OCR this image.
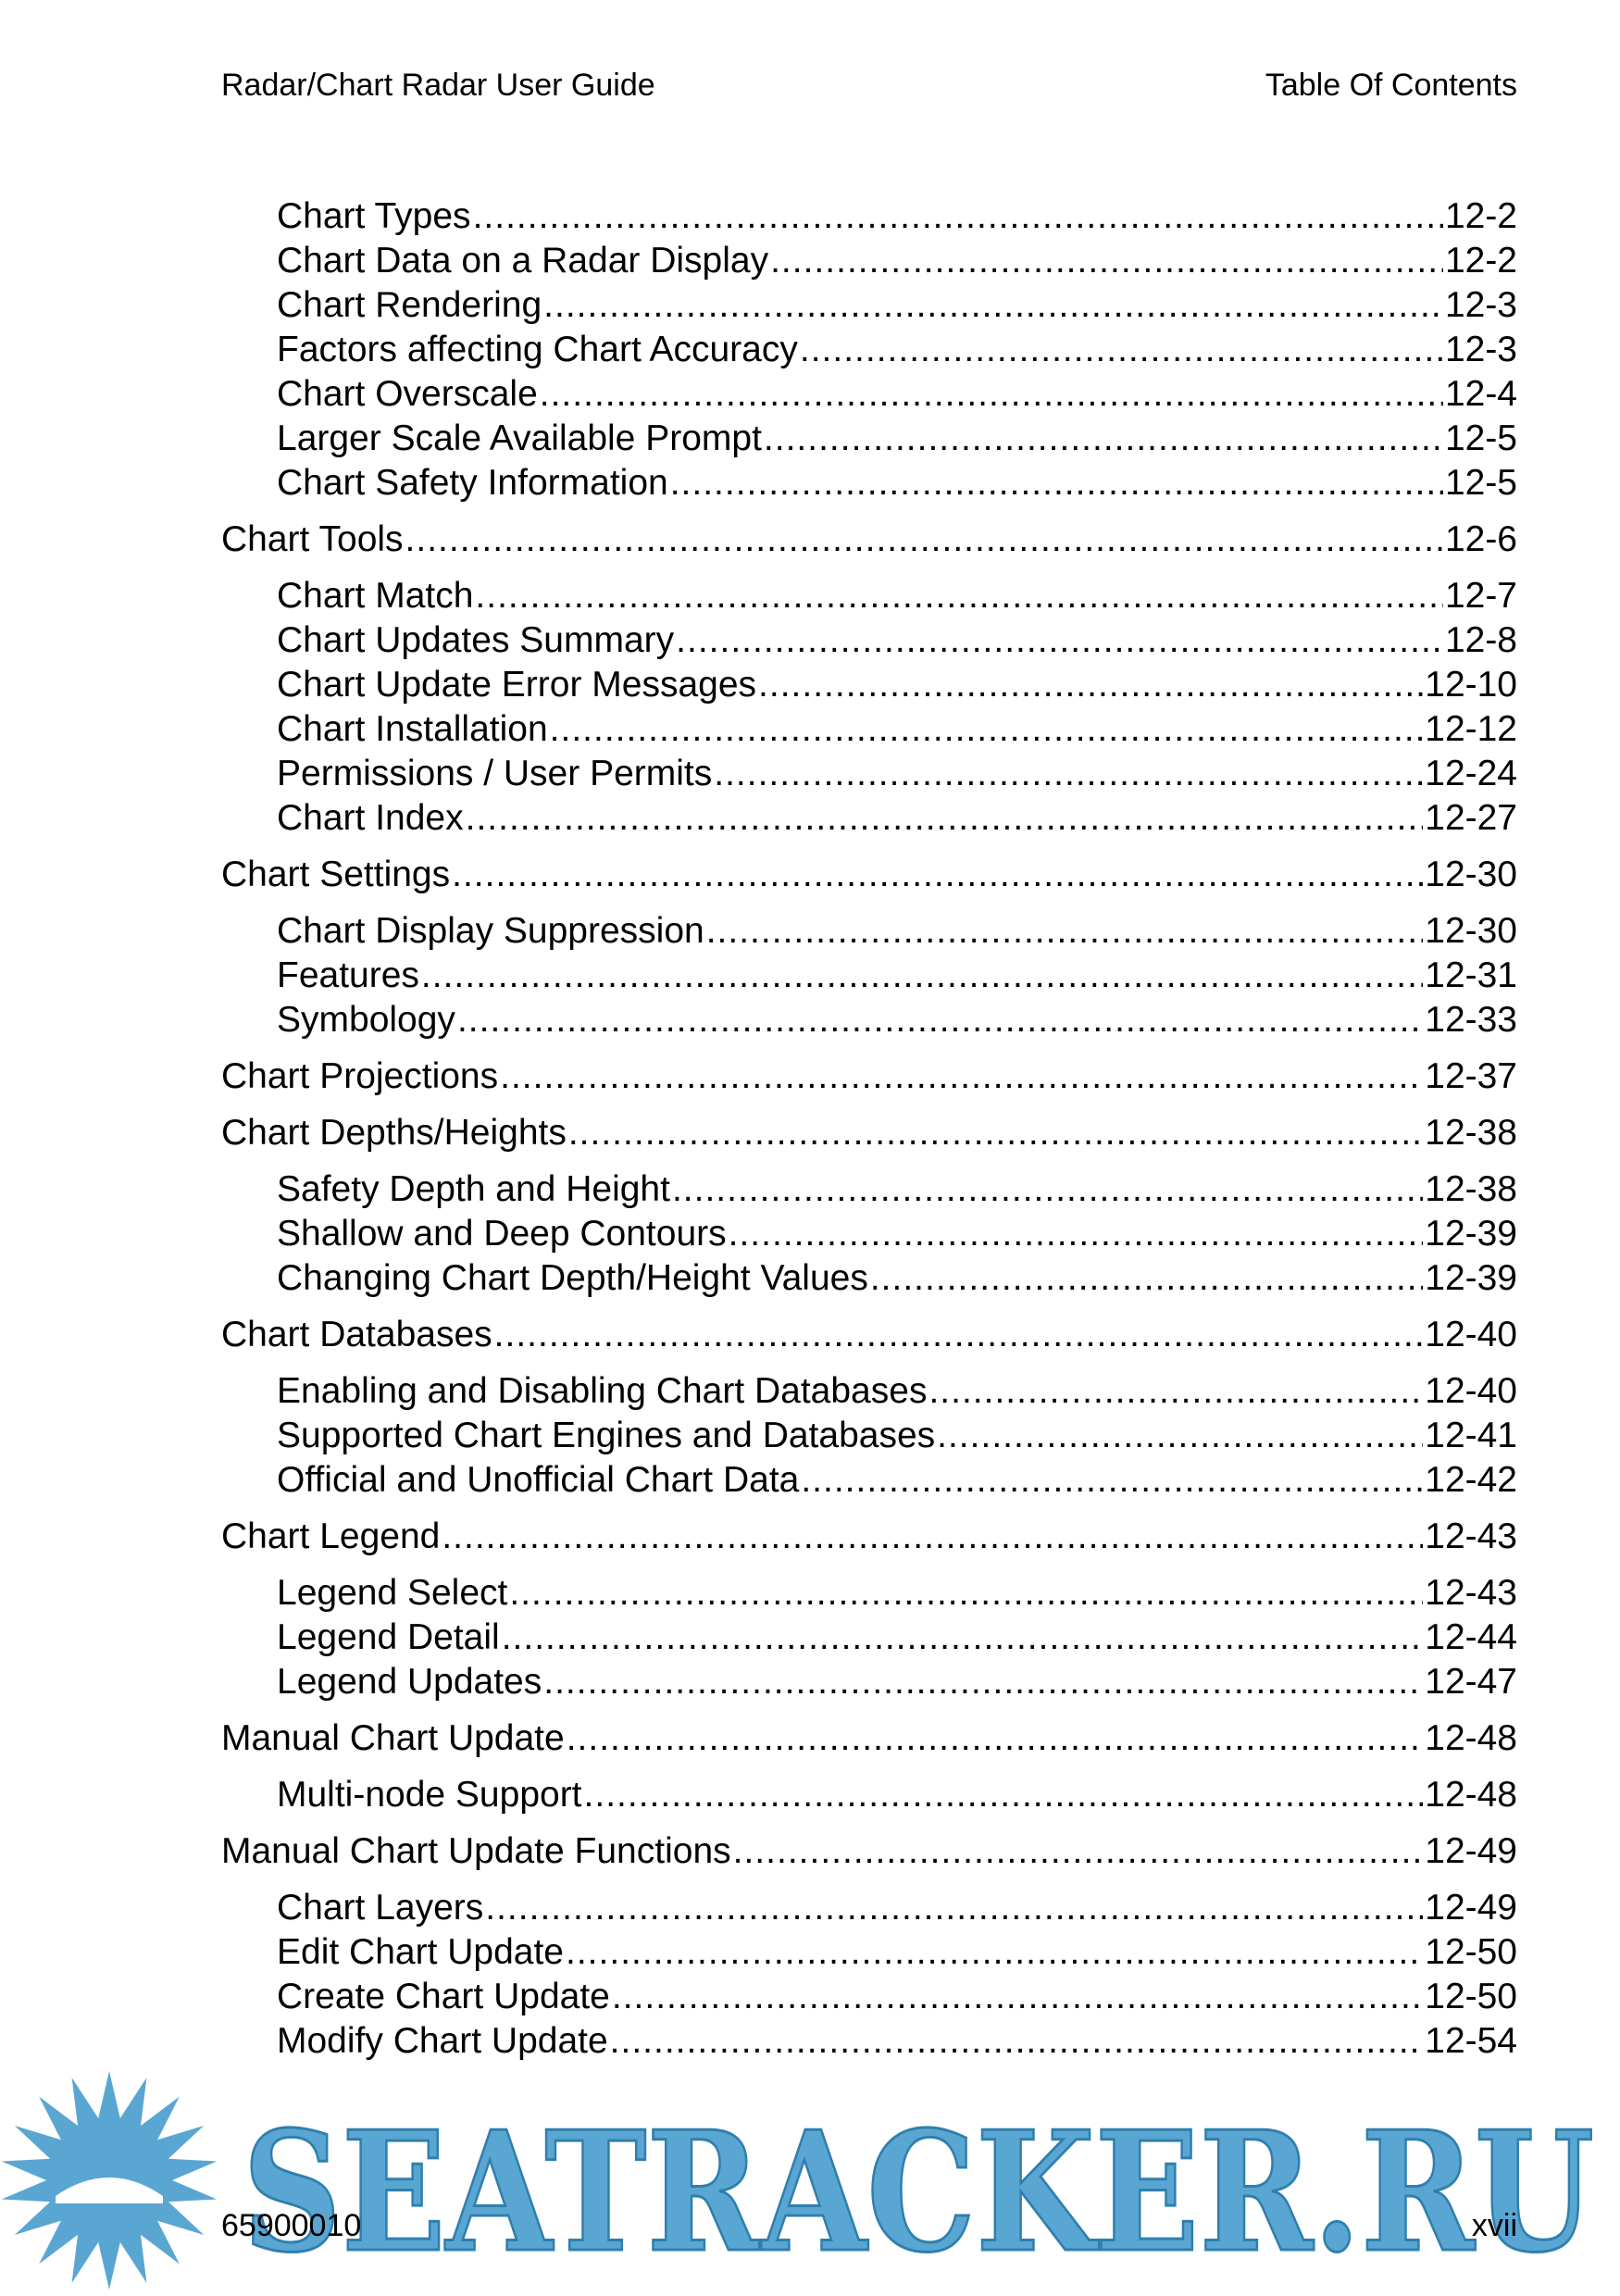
Radar/Chart Radar User Guide	Table Of Contents
Chart Types .....	12-2
Chart Data on a Radar Display .....	12-2
Chart Rendering .....	12-3
Factors affecting Chart Accuracy .....	12-3
Chart Overscale .....	12-4
Larger Scale Available Prompt .....	12-5
Chart Safety Information .....	12-5
Chart Tools .....	12-6
Chart Match .....	12-7
Chart Updates Summary .....	12-8
Chart Update Error Messages .....	12-10
Chart Installation .....	12-12
Permissions / User Permits .....	12-24
Chart Index .....	12-27
Chart Settings .....	12-30
Chart Display Suppression .....	12-30
Features .....	12-31
Symbology .....	12-33
Chart Projections .....	12-37
Chart Depths/Heights .....	12-38
Safety Depth and Height .....	12-38
Shallow and Deep Contours .....	12-39
Changing Chart Depth/Height Values .....	12-39
Chart Databases .....	12-40
Enabling and Disabling Chart Databases .....	12-40
Supported Chart Engines and Databases .....	12-41
Official and Unofficial Chart Data .....	12-42
Chart Legend .....	12-43
Legend Select .....	12-43
Legend Detail .....	12-44
Legend Updates .....	12-47
Manual Chart Update .....	12-48
Multi-node Support .....	12-48
Manual Chart Update Functions .....	12-49
Chart Layers .....	12-49
Edit Chart Update .....	12-50
Create Chart Update .....	12-50
Modify Chart Update .....	12-54
SEATRACKER.RU
65900010	xvii
